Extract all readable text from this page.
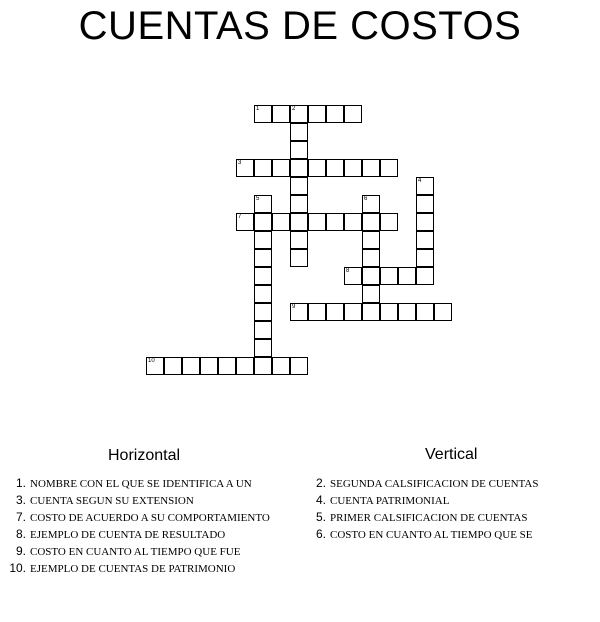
CUENTAS DE COSTOS
1	2
3
7
8
9
10
4
5	6
Horizontal	Vertical
1. NOMBRE CON EL QUE SE IDENTIFICA A UN
3. CUENTA SEGUN SU EXTENSION
7. COSTO DE ACUERDO A SU COMPORTAMIENTO
8. EJEMPLO DE CUENTA DE RESULTADO
9. COSTO EN CUANTO AL TIEMPO QUE FUE
10. EJEMPLO DE CUENTAS DE PATRIMONIO
2. SEGUNDA CALSIFICACION DE CUENTAS
4. CUENTA PATRIMONIAL
5. PRIMER CALSIFICACION DE CUENTAS
6. COSTO EN CUANTO AL TIEMPO QUE SE
